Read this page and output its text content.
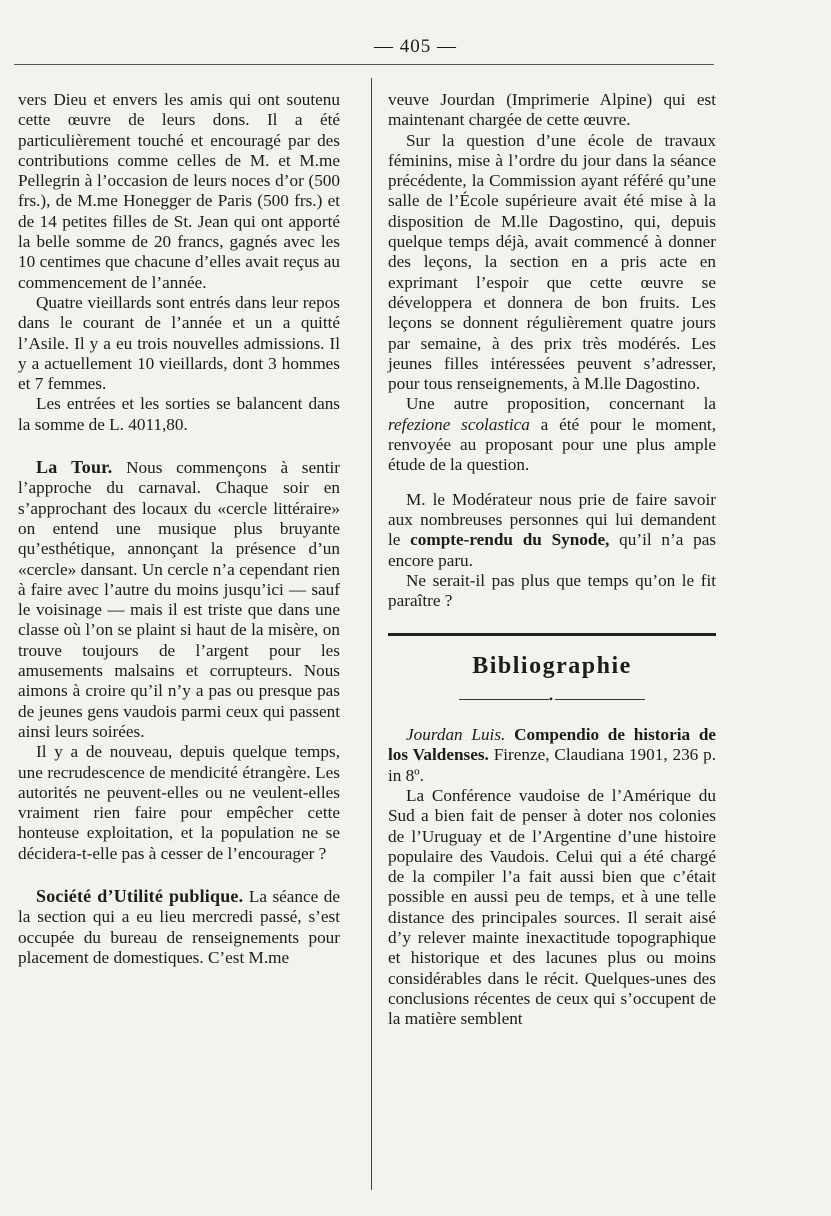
— 405 —

vers Dieu et envers les amis qui ont soutenu cette œuvre de leurs dons. Il a été particulièrement touché et encouragé par des contributions comme celles de M. et M.me Pellegrin à l’occasion de leurs noces d’or (500 frs.), de M.me Honegger de Paris (500 frs.) et de 14 petites filles de St. Jean qui ont apporté la belle somme de 20 francs, gagnés avec les 10 centimes que chacune d’elles avait reçus au commencement de l’année.

Quatre vieillards sont entrés dans leur repos dans le courant de l’année et un a quitté l’Asile. Il y a eu trois nouvelles admissions. Il y a actuellement 10 vieillards, dont 3 hommes et 7 femmes.

Les entrées et les sorties se balancent dans la somme de L. 4011,80.

La Tour. Nous commençons à sentir l’approche du carnaval. Chaque soir en s’approchant des locaux du «cercle littéraire» on entend une musique plus bruyante qu’esthétique, annonçant la présence d’un «cercle» dansant. Un cercle n’a cependant rien à faire avec l’autre du moins jusqu’ici — sauf le voisinage — mais il est triste que dans une classe où l’on se plaint si haut de la misère, on trouve toujours de l’argent pour les amusements malsains et corrupteurs. Nous aimons à croire qu’il n’y a pas ou presque pas de jeunes gens vaudois parmi ceux qui passent ainsi leurs soirées.

Il y a de nouveau, depuis quelque temps, une recrudescence de mendicité étrangère. Les autorités ne peuvent-elles ou ne veulent-elles vraiment rien faire pour empêcher cette honteuse exploitation, et la population ne se décidera-t-elle pas à cesser de l’encourager ?

Société d’Utilité publique. La séance de la section qui a eu lieu mercredi passé, s’est occupée du bureau de renseignements pour placement de domestiques. C’est M.me

veuve Jourdan (Imprimerie Alpine) qui est maintenant chargée de cette œuvre.

Sur la question d’une école de travaux féminins, mise à l’ordre du jour dans la séance précédente, la Commission ayant référé qu’une salle de l’École supérieure avait été mise à la disposition de M.lle Dagostino, qui, depuis quelque temps déjà, avait commencé à donner des leçons, la section en a pris acte en exprimant l’espoir que cette œuvre se développera et donnera de bon fruits. Les leçons se donnent régulièrement quatre jours par semaine, à des prix très modérés. Les jeunes filles intéressées peuvent s’adresser, pour tous renseignements, à M.lle Dagostino.

Une autre proposition, concernant la refezione scolastica a été pour le moment, renvoyée au proposant pour une plus ample étude de la question.

M. le Modérateur nous prie de faire savoir aux nombreuses personnes qui lui demandent le compte-rendu du Synode, qu’il n’a pas encore paru.

Ne serait-il pas plus que temps qu’on le fit paraître ?

Bibliographie
•

Jourdan Luis. Compendio de historia de los Valdenses. Firenze, Claudiana 1901, 236 p. in 8º.

La Conférence vaudoise de l’Amérique du Sud a bien fait de penser à doter nos colonies de l’Uruguay et de l’Argentine d’une histoire populaire des Vaudois. Celui qui a été chargé de la compiler l’a fait aussi bien que c’était possible en aussi peu de temps, et à une telle distance des principales sources. Il serait aisé d’y relever mainte inexactitude topographique et historique et des lacunes plus ou moins considérables dans le récit. Quelques-unes des conclusions récentes de ceux qui s’occupent de la matière semblent
